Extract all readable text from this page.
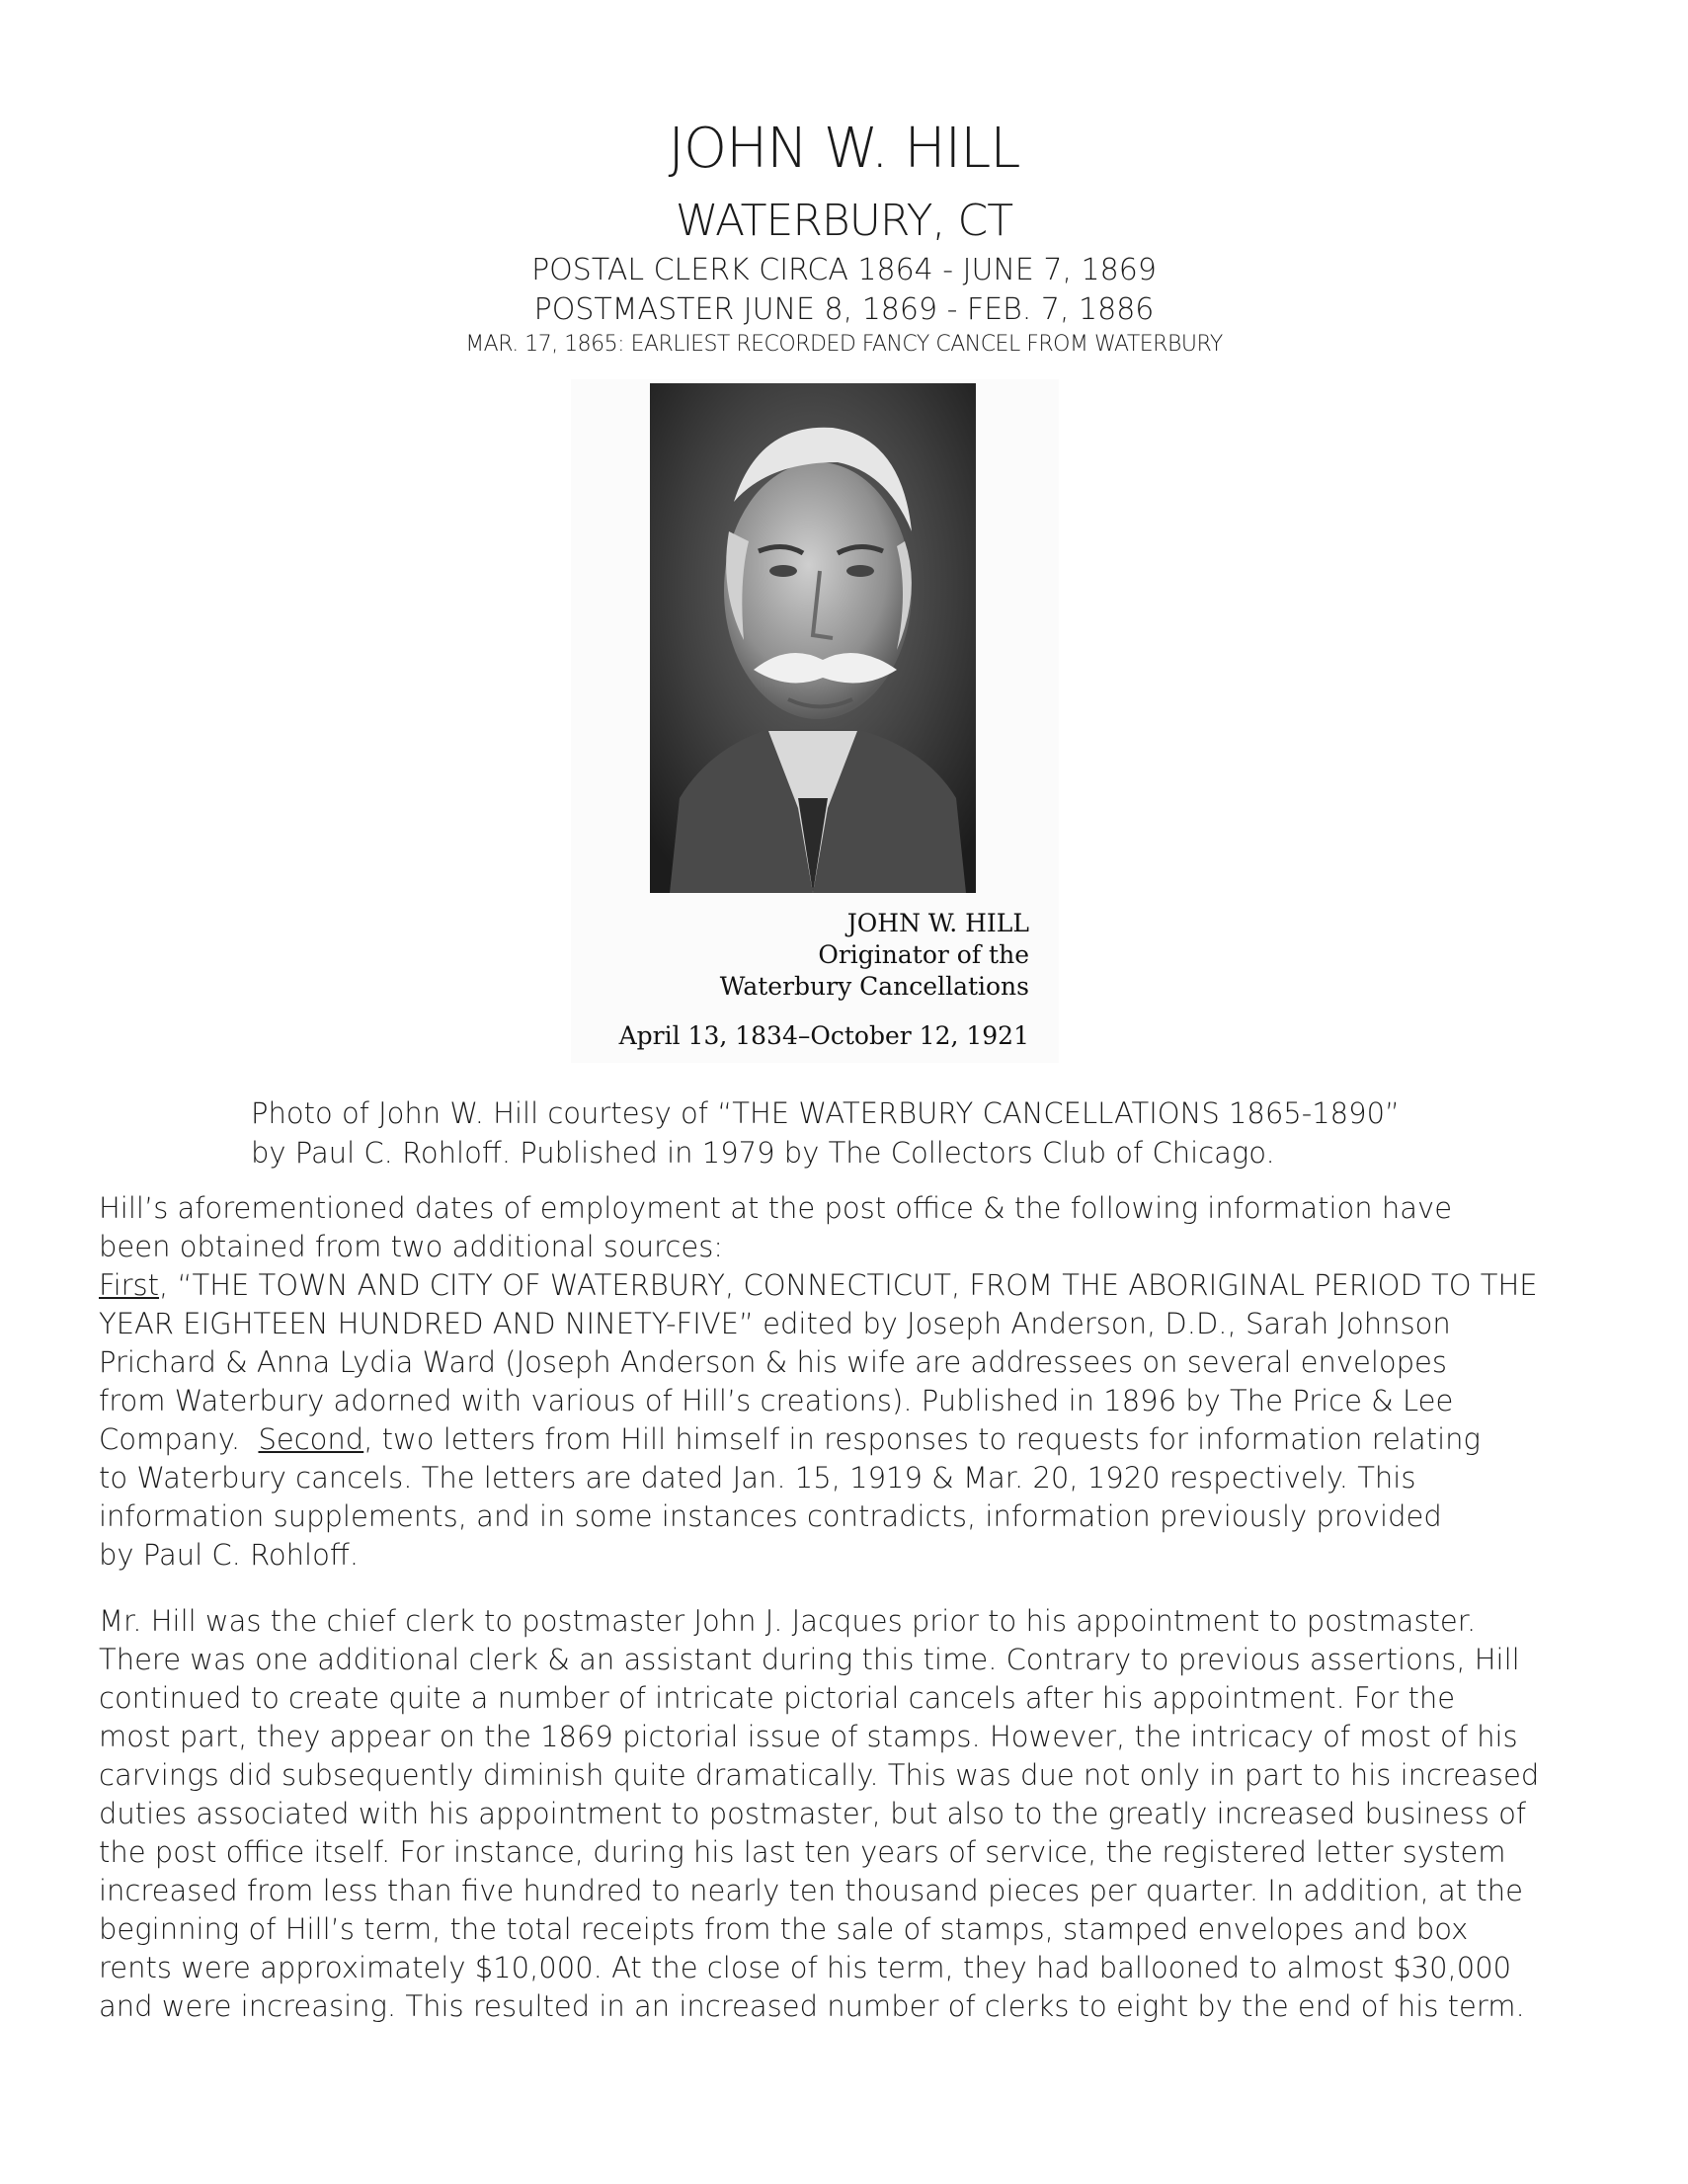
JOHN W. HILL
WATERBURY, CT
POSTAL CLERK CIRCA 1864 - JUNE 7, 1869
POSTMASTER JUNE 8, 1869 - FEB. 7, 1886
MAR. 17, 1865: EARLIEST RECORDED FANCY CANCEL FROM WATERBURY
JOHN W. HILL
Originator of the
Waterbury Cancellations
April 13, 1834–October 12, 1921
Photo of John W. Hill courtesy of “THE WATERBURY CANCELLATIONS 1865-1890”
by Paul C. Rohloff. Published in 1979 by The Collectors Club of Chicago.
Hill’s aforementioned dates of employment at the post office & the following information have
been obtained from two additional sources:
First, “THE TOWN AND CITY OF WATERBURY, CONNECTICUT, FROM THE ABORIGINAL PERIOD TO THE
YEAR EIGHTEEN HUNDRED AND NINETY-FIVE” edited by Joseph Anderson, D.D., Sarah Johnson
Prichard & Anna Lydia Ward (Joseph Anderson & his wife are addressees on several envelopes
from Waterbury adorned with various of Hill’s creations). Published in 1896 by The Price & Lee
Company.  Second, two letters from Hill himself in responses to requests for information relating
to Waterbury cancels. The letters are dated Jan. 15, 1919 & Mar. 20, 1920 respectively. This
information supplements, and in some instances contradicts, information previously provided
by Paul C. Rohloff.
Mr. Hill was the chief clerk to postmaster John J. Jacques prior to his appointment to postmaster.
There was one additional clerk & an assistant during this time. Contrary to previous assertions, Hill
continued to create quite a number of intricate pictorial cancels after his appointment. For the
most part, they appear on the 1869 pictorial issue of stamps. However, the intricacy of most of his
carvings did subsequently diminish quite dramatically. This was due not only in part to his increased
duties associated with his appointment to postmaster, but also to the greatly increased business of
the post office itself. For instance, during his last ten years of service, the registered letter system
increased from less than five hundred to nearly ten thousand pieces per quarter. In addition, at the
beginning of Hill’s term, the total receipts from the sale of stamps, stamped envelopes and box
rents were approximately $10,000. At the close of his term, they had ballooned to almost $30,000
and were increasing. This resulted in an increased number of clerks to eight by the end of his term.
